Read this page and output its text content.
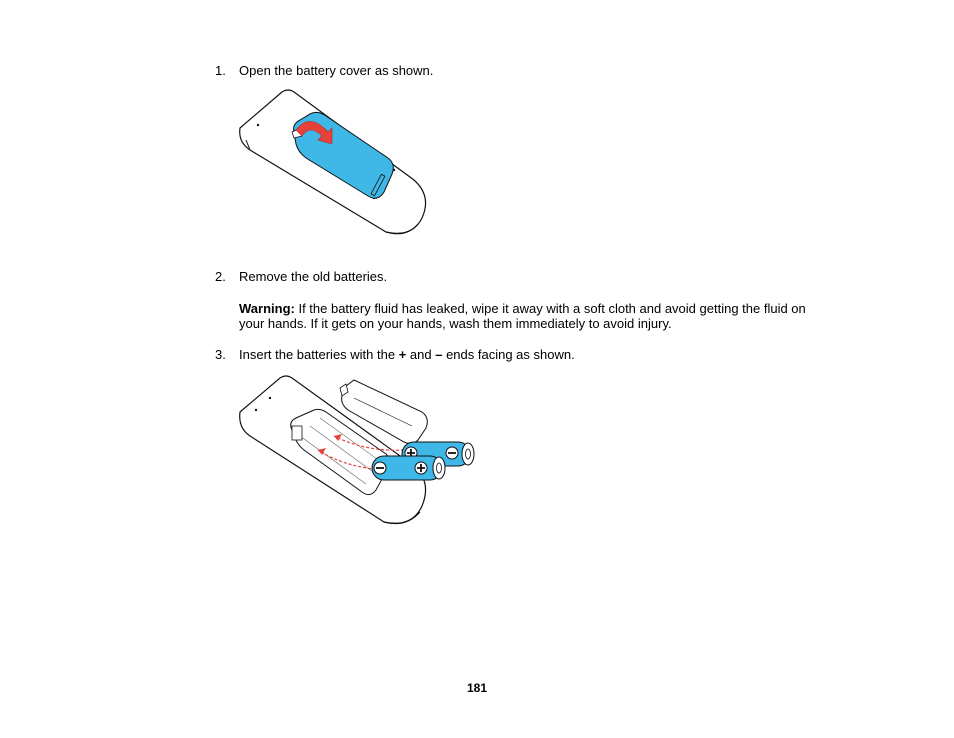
1. Open the battery cover as shown.
2. Remove the old batteries.
Warning: If the battery fluid has leaked, wipe it away with a soft cloth and avoid getting the fluid on
your hands. If it gets on your hands, wash them immediately to avoid injury.
3. Insert the batteries with the + and – ends facing as shown.
181
